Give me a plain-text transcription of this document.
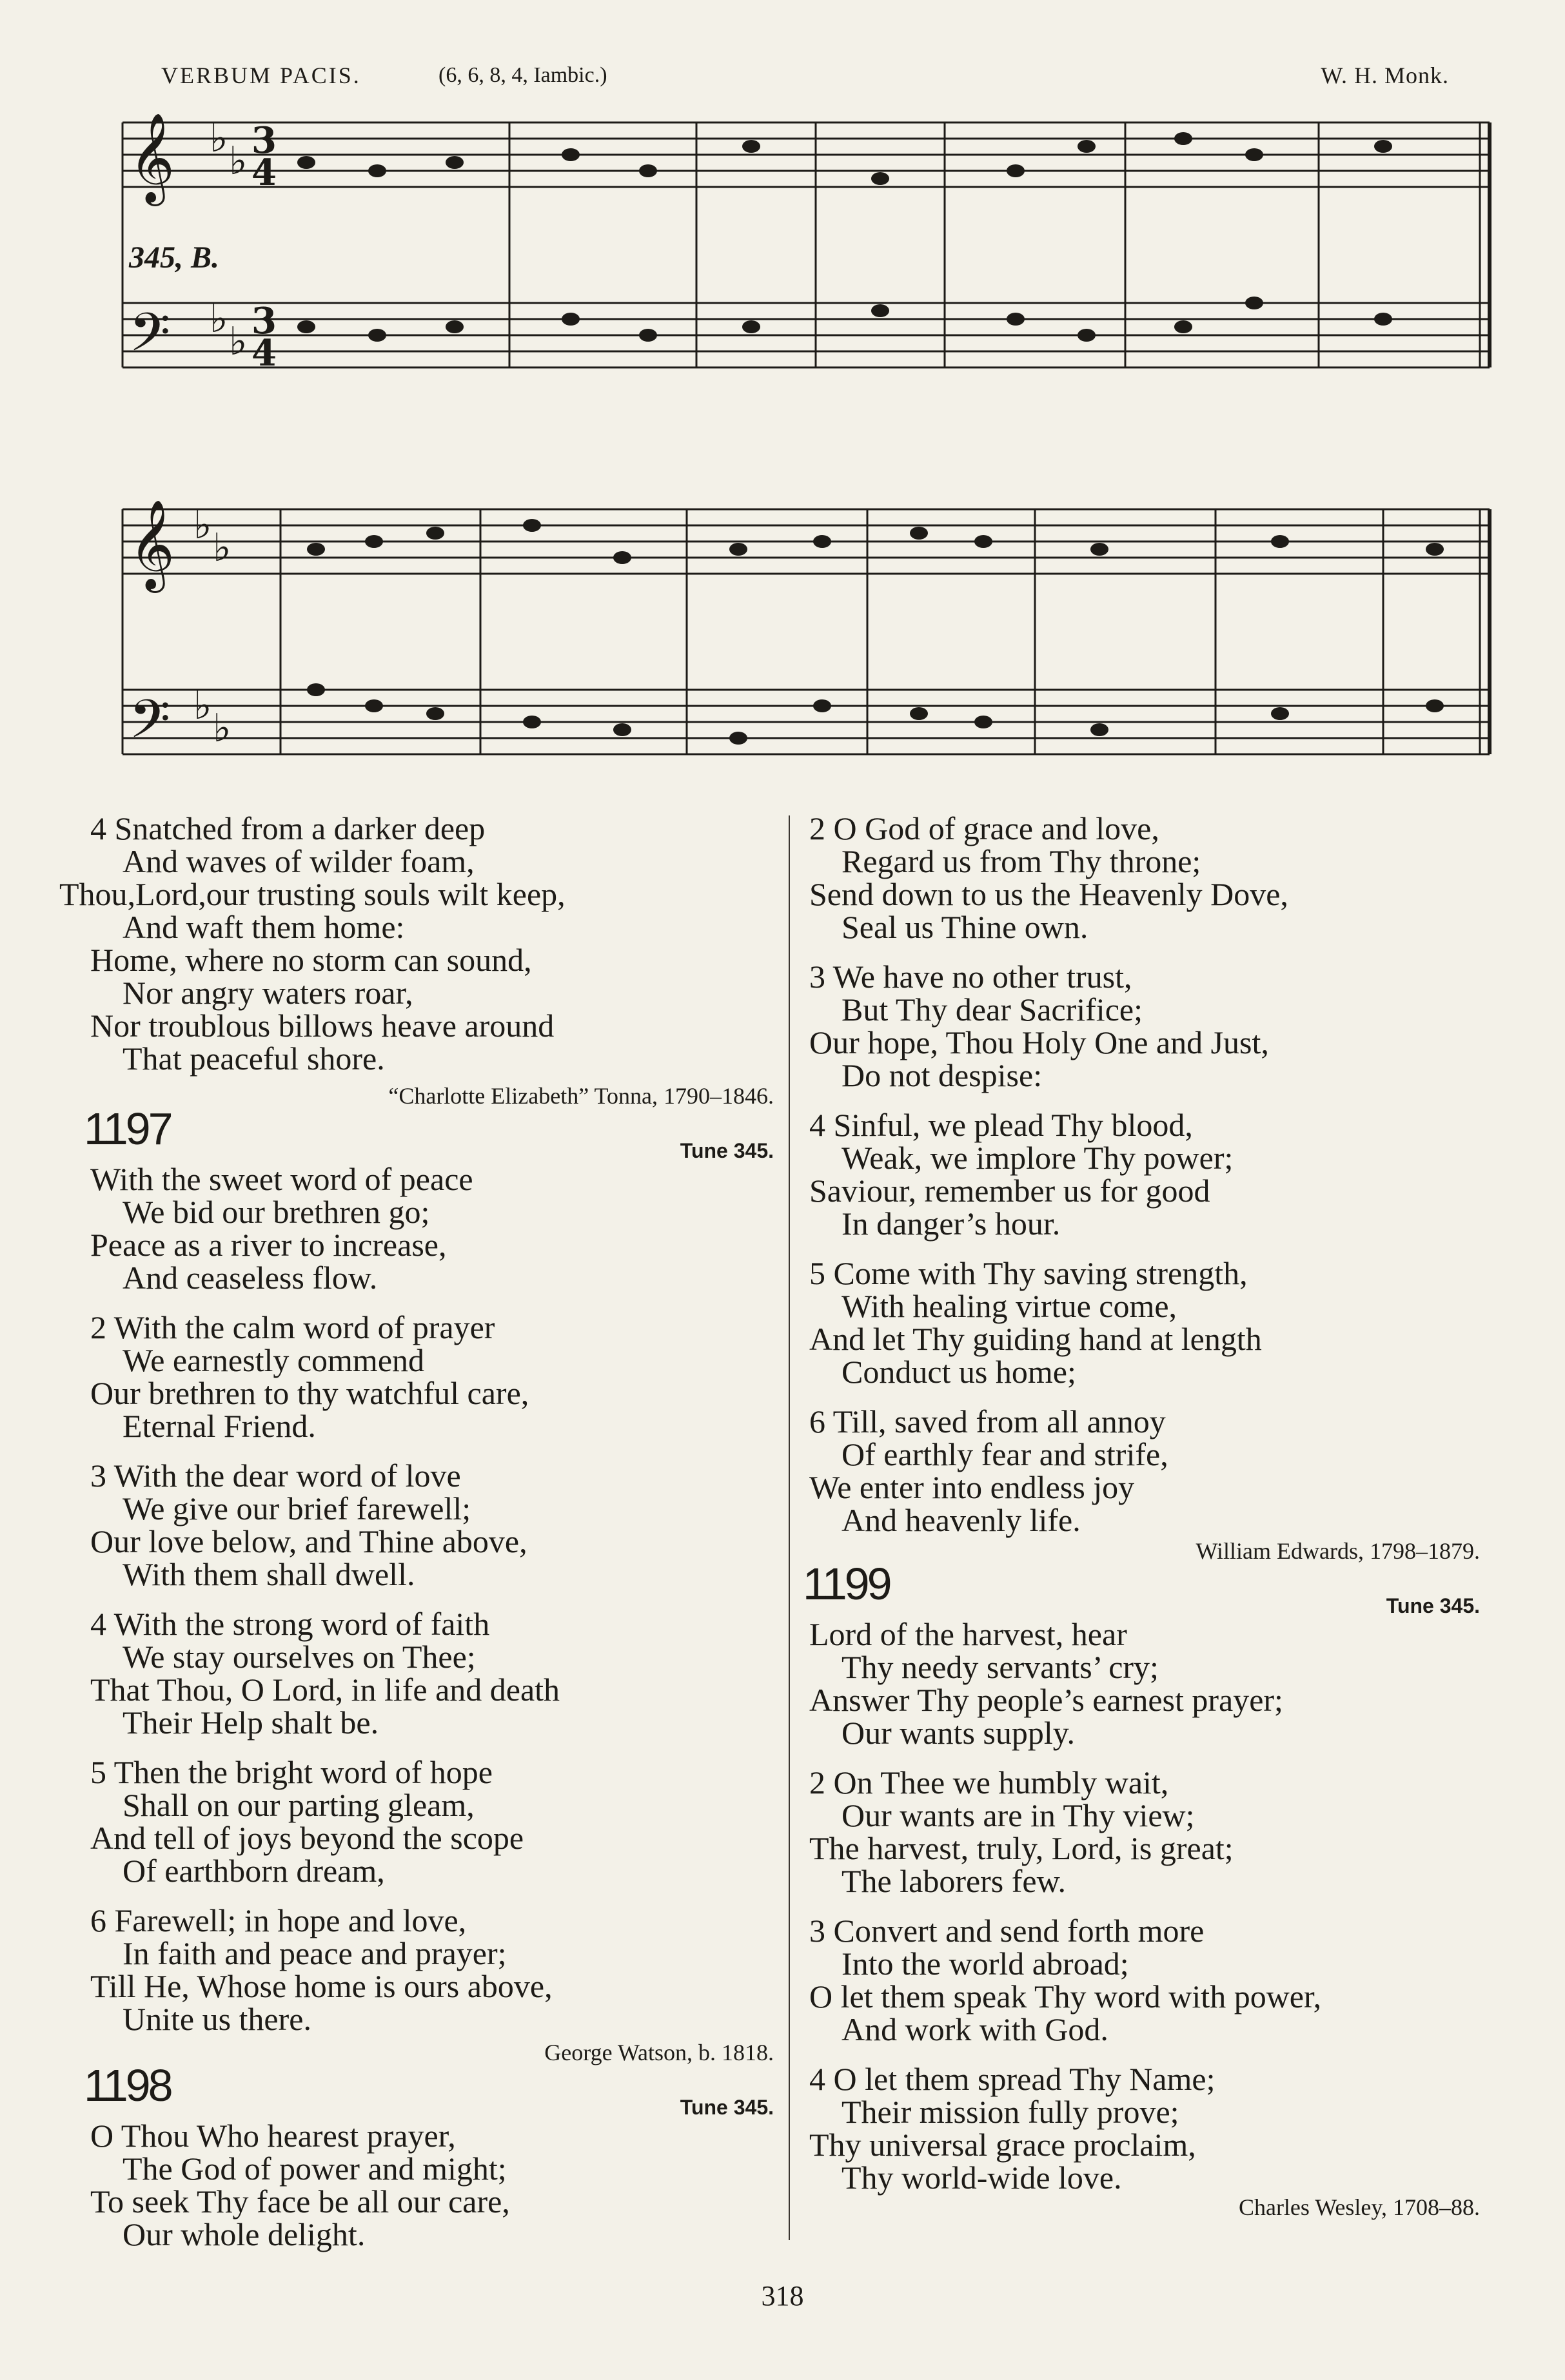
VERBUM PACIS.	(6, 6, 8, 4, Iambic.)	W. H. Monk.
𝄞
𝄢
♭ ♭
♭ ♭
3
4
3
4
345, B.
𝄞
𝄢
♭ ♭
♭ ♭
4 Snatched from a darker deep
And waves of wilder foam,
Thou,Lord,our trusting souls wilt keep,
And waft them home:
Home, where no storm can sound,
Nor angry waters roar,
Nor troublous billows heave around
That peaceful shore.
“Charlotte Elizabeth” Tonna, 1790–1846.
1197	Tune 345.
With the sweet word of peace
We bid our brethren go;
Peace as a river to increase,
And ceaseless flow.
2 With the calm word of prayer
We earnestly commend
Our brethren to thy watchful care,
Eternal Friend.
3 With the dear word of love
We give our brief farewell;
Our love below, and Thine above,
With them shall dwell.
4 With the strong word of faith
We stay ourselves on Thee;
That Thou, O Lord, in life and death
Their Help shalt be.
5 Then the bright word of hope
Shall on our parting gleam,
And tell of joys beyond the scope
Of earthborn dream,
6 Farewell; in hope and love,
In faith and peace and prayer;
Till He, Whose home is ours above,
Unite us there.
George Watson, b. 1818.
1198	Tune 345.
O Thou Who hearest prayer,
The God of power and might;
To seek Thy face be all our care,
Our whole delight.
2 O God of grace and love,
Regard us from Thy throne;
Send down to us the Heavenly Dove,
Seal us Thine own.
3 We have no other trust,
But Thy dear Sacrifice;
Our hope, Thou Holy One and Just,
Do not despise:
4 Sinful, we plead Thy blood,
Weak, we implore Thy power;
Saviour, remember us for good
In danger’s hour.
5 Come with Thy saving strength,
With healing virtue come,
And let Thy guiding hand at length
Conduct us home;
6 Till, saved from all annoy
Of earthly fear and strife,
We enter into endless joy
And heavenly life.
William Edwards, 1798–1879.
1199	Tune 345.
Lord of the harvest, hear
Thy needy servants’ cry;
Answer Thy people’s earnest prayer;
Our wants supply.
2 On Thee we humbly wait,
Our wants are in Thy view;
The harvest, truly, Lord, is great;
The laborers few.
3 Convert and send forth more
Into the world abroad;
O let them speak Thy word with power,
And work with God.
4 O let them spread Thy Name;
Their mission fully prove;
Thy universal grace proclaim,
Thy world-wide love.
Charles Wesley, 1708–88.
318
